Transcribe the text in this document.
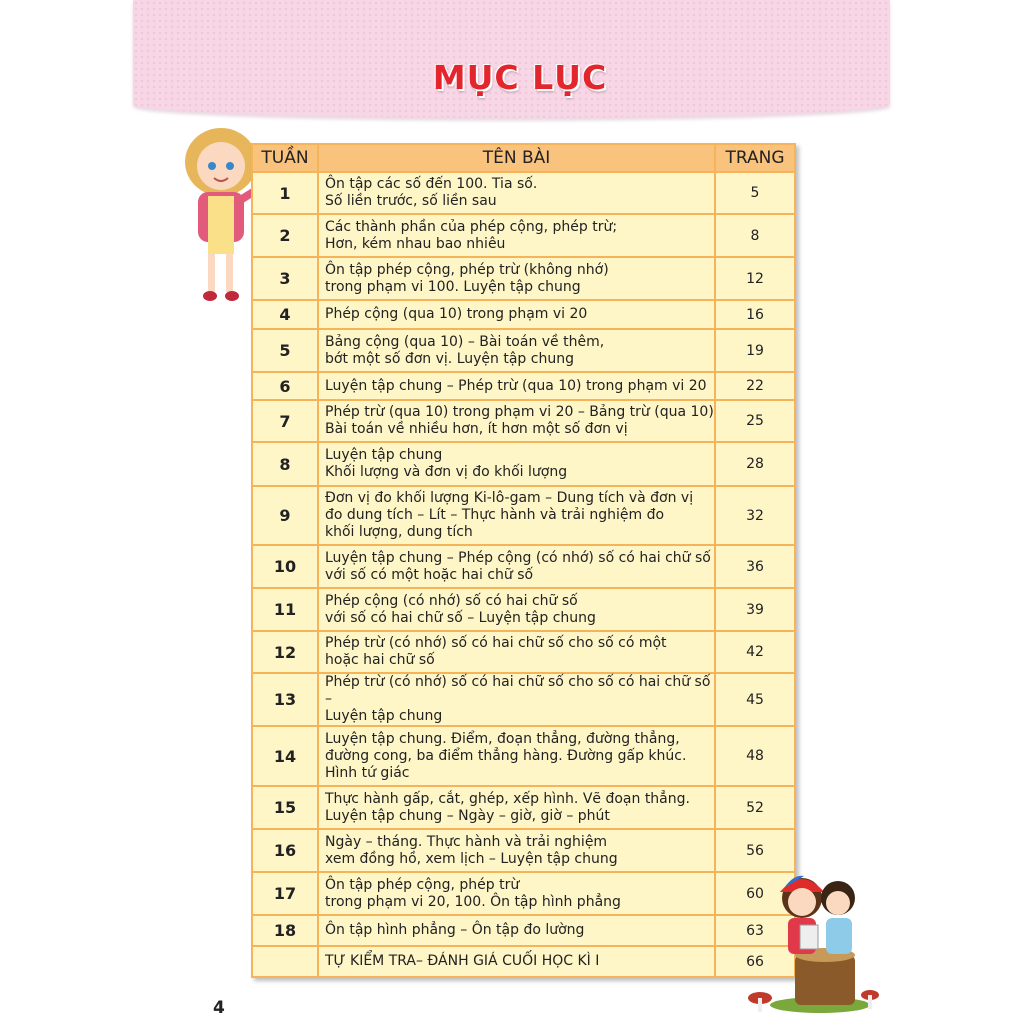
MỤC LỤC
TUẦN	TÊN BÀI	TRANG
1	Ôn tập các số đến 100. Tia số.
Số liền trước, số liền sau	5
2	Các thành phần của phép cộng, phép trừ;
Hơn, kém nhau bao nhiêu	8
3	Ôn tập phép cộng, phép trừ (không nhớ)
trong phạm vi 100. Luyện tập chung	12
4	Phép cộng (qua 10) trong phạm vi 20	16
5	Bảng cộng (qua 10) – Bài toán về thêm,
bớt một số đơn vị. Luyện tập chung	19
6	Luyện tập chung – Phép trừ (qua 10) trong phạm vi 20	22
7	Phép trừ (qua 10) trong phạm vi 20 – Bảng trừ (qua 10)
Bài toán về nhiều hơn, ít hơn một số đơn vị	25
8	Luyện tập chung
Khối lượng và đơn vị đo khối lượng	28
9	Đơn vị đo khối lượng Ki-lô-gam – Dung tích và đơn vị
đo dung tích – Lít – Thực hành và trải nghiệm đo
khối lượng, dung tích	32
10	Luyện tập chung – Phép cộng (có nhớ) số có hai chữ số
với số có một hoặc hai chữ số	36
11	Phép cộng (có nhớ) số có hai chữ số
với số có hai chữ số – Luyện tập chung	39
12	Phép trừ (có nhớ) số có hai chữ số cho số có một
hoặc hai chữ số	42
13	Phép trừ (có nhớ) số có hai chữ số cho số có hai chữ số –
Luyện tập chung	45
14	Luyện tập chung. Điểm, đoạn thẳng, đường thẳng,
đường cong, ba điểm thẳng hàng. Đường gấp khúc.
Hình tứ giác	48
15	Thực hành gấp, cắt, ghép, xếp hình. Vẽ đoạn thẳng.
Luyện tập chung – Ngày – giờ, giờ – phút	52
16	Ngày – tháng. Thực hành và trải nghiệm
xem đồng hồ, xem lịch – Luyện tập chung	56
17	Ôn tập phép cộng, phép trừ
trong phạm vi 20, 100. Ôn tập hình phẳng	60
18	Ôn tập hình phẳng – Ôn tập đo lường	63

	TỰ KIỂM TRA– ĐÁNH GIÁ CUỐI HỌC KÌ I	66
4
